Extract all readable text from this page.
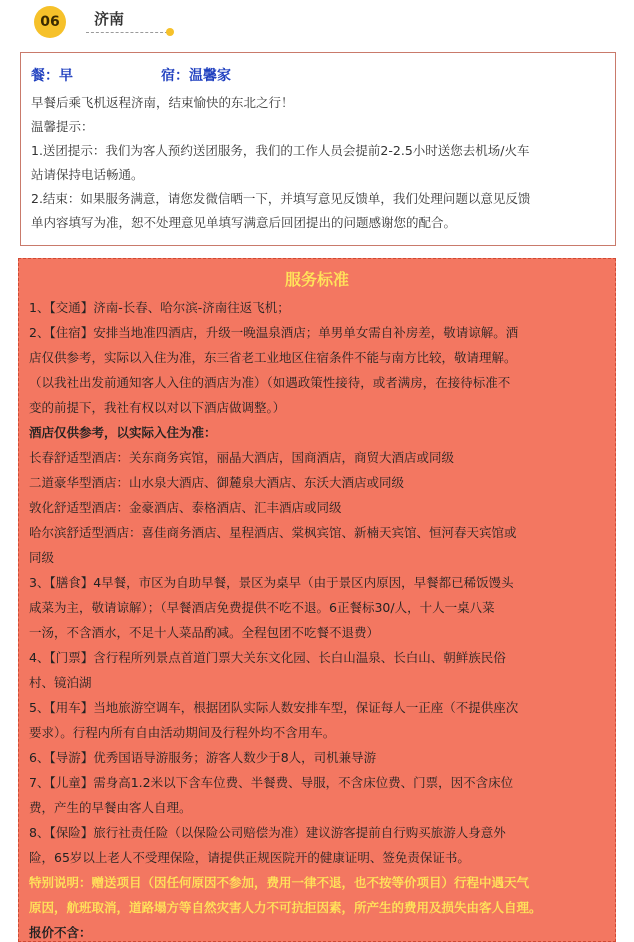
06	济南
餐：早	宿：温馨家
早餐后乘飞机返程济南，结束愉快的东北之行！
温馨提示：
1.送团提示：我们为客人预约送团服务，我们的工作人员会提前2-2.5小时送您去机场/火车
站请保持电话畅通。
2.结束：如果服务满意，请您发微信晒一下，并填写意见反馈单，我们处理问题以意见反馈
单内容填写为准，恕不处理意见单填写满意后回团提出的问题感谢您的配合。
服务标准

1、【交通】济南-长春、哈尔滨-济南往返飞机；

2、【住宿】安排当地准四酒店，升级一晚温泉酒店；单男单女需自补房差，敬请谅解。酒

店仅供参考，实际以入住为准，东三省老工业地区住宿条件不能与南方比较，敬请理解。

（以我社出发前通知客人入住的酒店为准）（如遇政策性接待，或者满房，在接待标准不

变的前提下，我社有权以对以下酒店做调整。）

酒店仅供参考，以实际入住为准：

长春舒适型酒店：关东商务宾馆，丽晶大酒店，国商酒店，商贸大酒店或同级

二道豪华型酒店：山水泉大酒店、御麓泉大酒店、东沃大酒店或同级

敦化舒适型酒店：金豪酒店、泰格酒店、汇丰酒店或同级

哈尔滨舒适型酒店：喜佳商务酒店、星程酒店、棠枫宾馆、新楠天宾馆、恒河春天宾馆或

同级

3、【膳食】4早餐，市区为自助早餐，景区为桌早（由于景区内原因，早餐都已稀饭馒头

咸菜为主，敬请谅解）；（早餐酒店免费提供不吃不退。6正餐标30/人，十人一桌八菜

一汤，不含酒水，不足十人菜品酌减。全程包团不吃餐不退费）

4、【门票】含行程所列景点首道门票大关东文化园、长白山温泉、长白山、朝鲜族民俗

村、镜泊湖

5、【用车】当地旅游空调车，根据团队实际人数安排车型，保证每人一正座（不提供座次

要求）。行程内所有自由活动期间及行程外均不含用车。

6、【导游】优秀国语导游服务；游客人数少于8人，司机兼导游

7、【儿童】需身高1.2米以下含车位费、半餐费、导服，不含床位费、门票，因不含床位

费，产生的早餐由客人自理。

8、【保险】旅行社责任险（以保险公司赔偿为准）建议游客提前自行购买旅游人身意外

险，65岁以上老人不受理保险，请提供正规医院开的健康证明、签免责保证书。

特别说明：赠送项目（因任何原因不参加，费用一律不退，也不按等价项目）行程中遇天气

原因，航班取消，道路塌方等自然灾害人力不可抗拒因素，所产生的费用及损失由客人自理。

报价不含：
